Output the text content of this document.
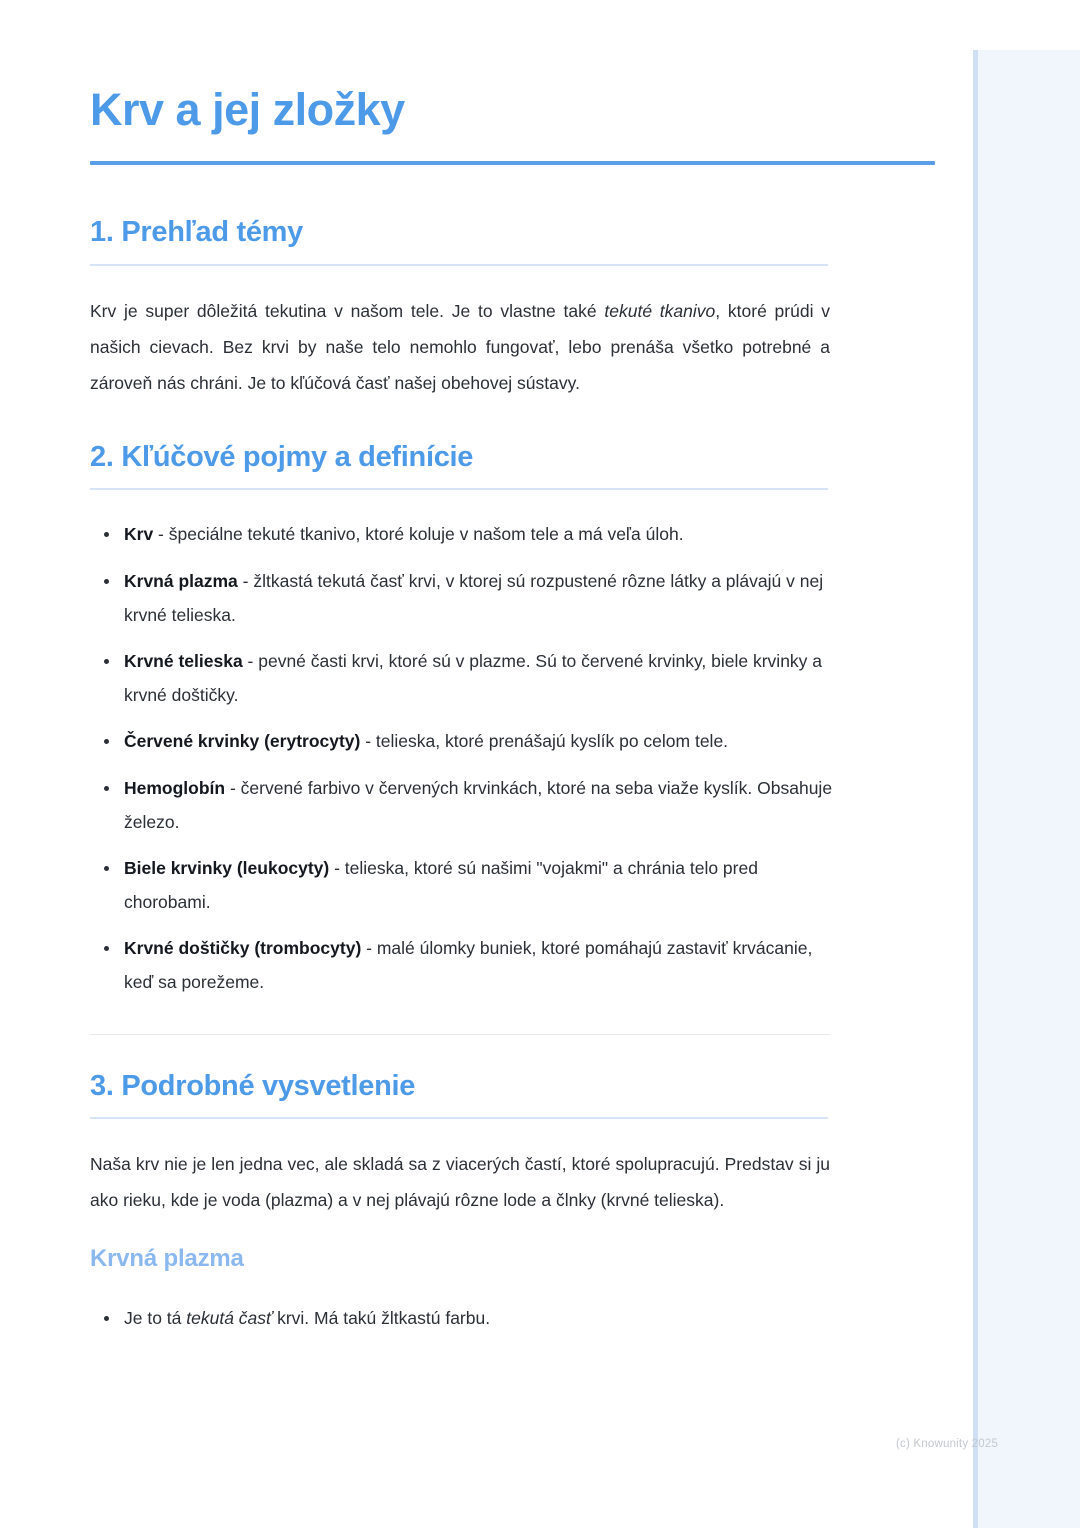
Krv a jej zložky
1. Prehľad témy

Krv je super dôležitá tekutina v našom tele. Je to vlastne také tekuté tkanivo, ktoré prúdi v našich cievach. Bez krvi by naše telo nemohlo fungovať, lebo prenáša všetko potrebné a zároveň nás chráni. Je to kľúčová časť našej obehovej sústavy.

2. Kľúčové pojmy a definície
Krv - špeciálne tekuté tkanivo, ktoré koluje v našom tele a má veľa úloh.
Krvná plazma - žltkastá tekutá časť krvi, v ktorej sú rozpustené rôzne látky a plávajú v nej krvné telieska.
Krvné telieska - pevné časti krvi, ktoré sú v plazme. Sú to červené krvinky, biele krvinky a krvné doštičky.
Červené krvinky (erytrocyty) - telieska, ktoré prenášajú kyslík po celom tele.
Hemoglobín - červené farbivo v červených krvinkách, ktoré na seba viaže kyslík. Obsahuje železo.
Biele krvinky (leukocyty) - telieska, ktoré sú našimi "vojakmi" a chránia telo pred chorobami.
Krvné doštičky (trombocyty) - malé úlomky buniek, ktoré pomáhajú zastaviť krvácanie, keď sa porežeme.
3. Podrobné vysvetlenie

Naša krv nie je len jedna vec, ale skladá sa z viacerých častí, ktoré spolupracujú. Predstav si ju ako rieku, kde je voda (plazma) a v nej plávajú rôzne lode a člnky (krvné telieska).

Krvná plazma
Je to tá tekutá časť krvi. Má takú žltkastú farbu.
(c) Knowunity 2025
